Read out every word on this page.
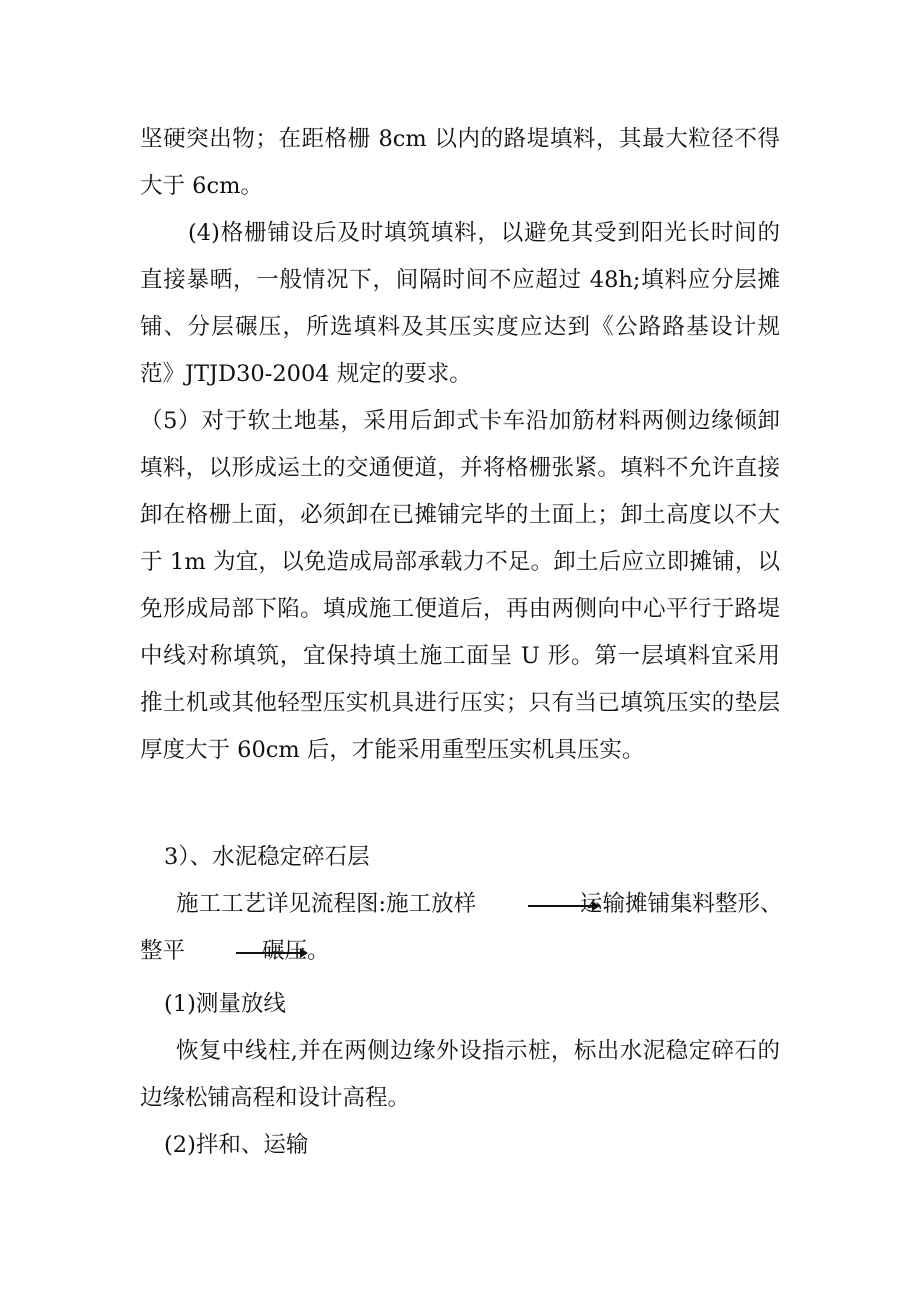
坚硬突出物；在距格栅 8cm 以内的路堤填料，其最大粒径不得大于 6cm。

(4)格栅铺设后及时填筑填料，以避免其受到阳光长时间的直接暴晒，一般情况下，间隔时间不应超过 48h;填料应分层摊铺、分层碾压，所选填料及其压实度应达到《公路路基设计规范》JTJD30-2004 规定的要求。

（5）对于软土地基，采用后卸式卡车沿加筋材料两侧边缘倾卸填料，以形成运土的交通便道，并将格栅张紧。填料不允许直接卸在格栅上面，必须卸在已摊铺完毕的土面上；卸土高度以不大于 1m 为宜，以免造成局部承载力不足。卸土后应立即摊铺，以免形成局部下陷。填成施工便道后，再由两侧向中心平行于路堤中线对称填筑，宜保持填土施工面呈 U 形。第一层填料宜采用推土机或其他轻型压实机具进行压实；只有当已填筑压实的垫层厚度大于 60cm 后，才能采用重型压实机具压实。

3）、水泥稳定碎石层
施工工艺详见流程图:施工放样	运输摊铺集料整形、
整平	碾压。
(1)测量放线

恢复中线柱,并在两侧边缘外设指示桩，标出水泥稳定碎石的边缘松铺高程和设计高程。

(2)拌和、运输
